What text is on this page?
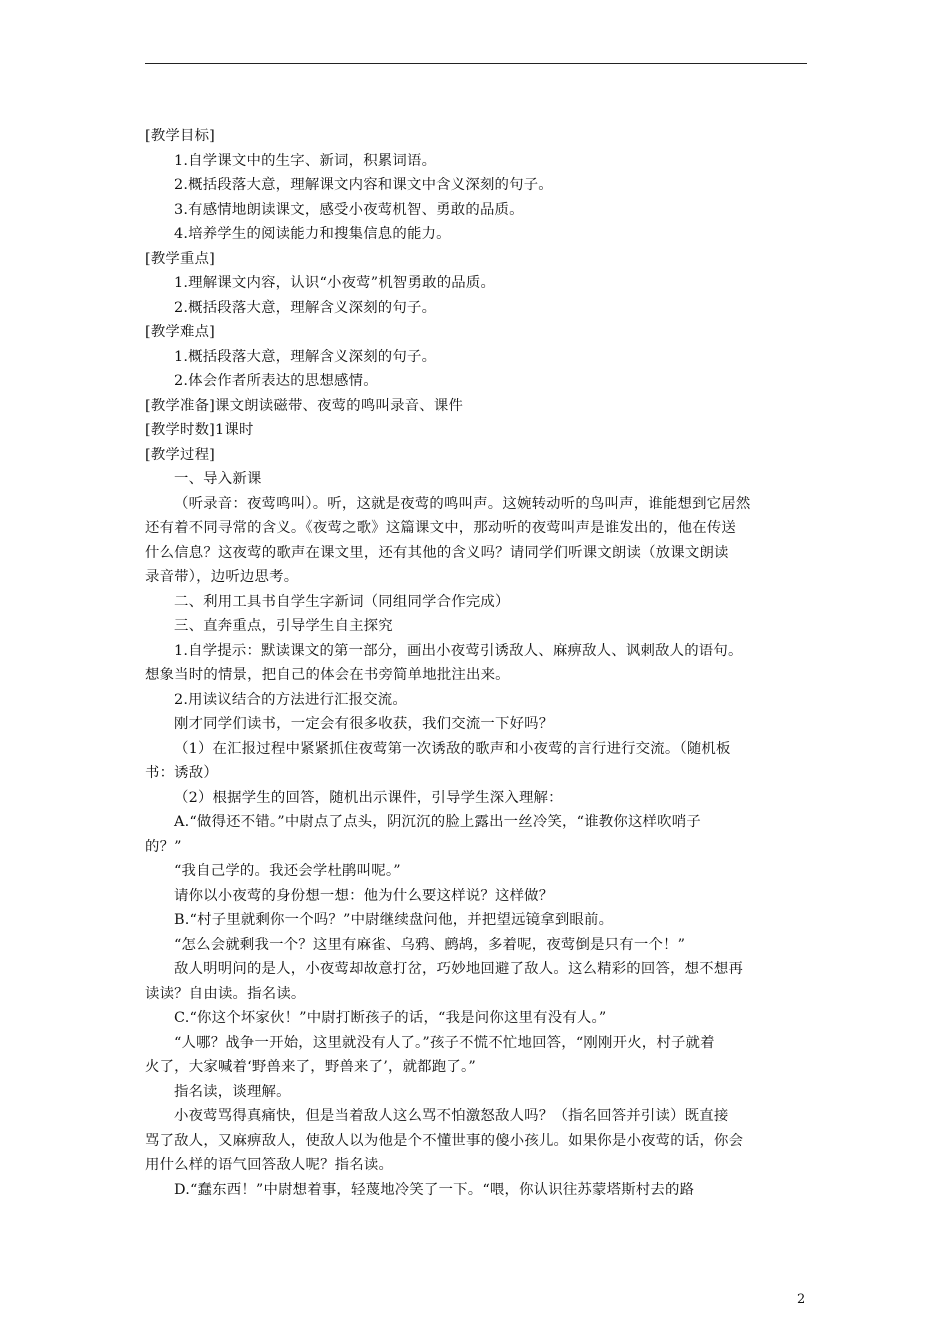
[教学目标]

1.自学课文中的生字、新词，积累词语。

2.概括段落大意，理解课文内容和课文中含义深刻的句子。

3.有感情地朗读课文，感受小夜莺机智、勇敢的品质。

4.培养学生的阅读能力和搜集信息的能力。

[教学重点]

1.理解课文内容，认识“小夜莺”机智勇敢的品质。

2.概括段落大意，理解含义深刻的句子。

[教学难点]

1.概括段落大意，理解含义深刻的句子。

2.体会作者所表达的思想感情。

[教学准备]课文朗读磁带、夜莺的鸣叫录音、课件

[教学时数]1课时

[教学过程]

一、导入新课

（听录音：夜莺鸣叫）。听，这就是夜莺的鸣叫声。这婉转动听的鸟叫声，谁能想到它居然

还有着不同寻常的含义。《夜莺之歌》这篇课文中，那动听的夜莺叫声是谁发出的，他在传送

什么信息？这夜莺的歌声在课文里，还有其他的含义吗？请同学们听课文朗读（放课文朗读

录音带），边听边思考。

二、利用工具书自学生字新词（同组同学合作完成）

三、直奔重点，引导学生自主探究

1.自学提示：默读课文的第一部分，画出小夜莺引诱敌人、麻痹敌人、讽刺敌人的语句。

想象当时的情景，把自己的体会在书旁简单地批注出来。

2.用读议结合的方法进行汇报交流。

刚才同学们读书，一定会有很多收获，我们交流一下好吗？

（1）在汇报过程中紧紧抓住夜莺第一次诱敌的歌声和小夜莺的言行进行交流。（随机板

书：诱敌）

（2）根据学生的回答，随机出示课件，引导学生深入理解：

A.“做得还不错。”中尉点了点头，阴沉沉的脸上露出一丝冷笑，“谁教你这样吹哨子

的？”

“我自己学的。我还会学杜鹃叫呢。”

请你以小夜莺的身份想一想：他为什么要这样说？这样做？

B.“村子里就剩你一个吗？”中尉继续盘问他，并把望远镜拿到眼前。

“怎么会就剩我一个？这里有麻雀、乌鸦、鹧鸪，多着呢，夜莺倒是只有一个！”

敌人明明问的是人，小夜莺却故意打岔，巧妙地回避了敌人。这么精彩的回答，想不想再

读读？自由读。指名读。

C.“你这个坏家伙！”中尉打断孩子的话，“我是问你这里有没有人。”

“人哪？战争一开始，这里就没有人了。”孩子不慌不忙地回答，“刚刚开火，村子就着

火了，大家喊着‘野兽来了，野兽来了’，就都跑了。”

指名读，谈理解。

小夜莺骂得真痛快，但是当着敌人这么骂不怕激怒敌人吗？（指名回答并引读）既直接

骂了敌人，又麻痹敌人，使敌人以为他是个不懂世事的傻小孩儿。如果你是小夜莺的话，你会

用什么样的语气回答敌人呢？指名读。

D.“蠢东西！”中尉想着事，轻蔑地冷笑了一下。“喂，你认识往苏蒙塔斯村去的路

2
